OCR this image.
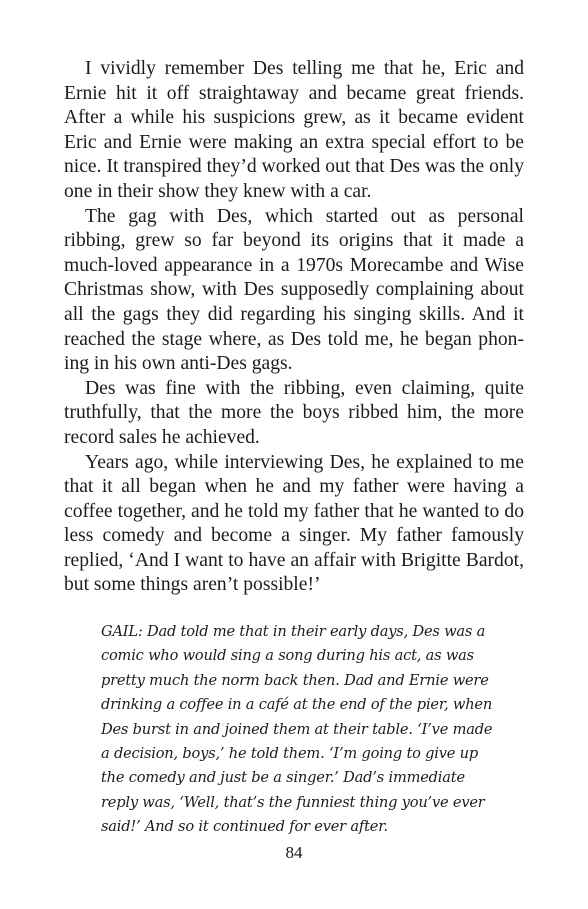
I vividly remember Des telling me that he, Eric and Ernie hit it off straightaway and became great friends. After a while his suspicions grew, as it became evident Eric and Ernie were making an extra special effort to be nice. It transpired they’d worked out that Des was the only one in their show they knew with a car.

The gag with Des, which started out as personal ribbing, grew so far beyond its origins that it made a much-loved appearance in a 1970s Morecambe and Wise Christmas show, with Des supposedly complaining about all the gags they did regarding his singing skills. And it reached the stage where, as Des told me, he began phoning in his own anti-Des gags.

Des was fine with the ribbing, even claiming, quite truthfully, that the more the boys ribbed him, the more record sales he achieved.

Years ago, while interviewing Des, he explained to me that it all began when he and my father were having a coffee together, and he told my father that he wanted to do less comedy and become a singer. My father famously replied, ‘And I want to have an affair with Brigitte Bardot, but some things aren’t possible!’

GAIL: Dad told me that in their early days, Des was a comic who would sing a song during his act, as was pretty much the norm back then. Dad and Ernie were drinking a coffee in a café at the end of the pier, when Des burst in and joined them at their table. ‘I’ve made a decision, boys,’ he told them. ‘I’m going to give up the comedy and just be a singer.’ Dad’s immediate reply was, ‘Well, that’s the funniest thing you’ve ever said!’ And so it continued for ever after.

84
